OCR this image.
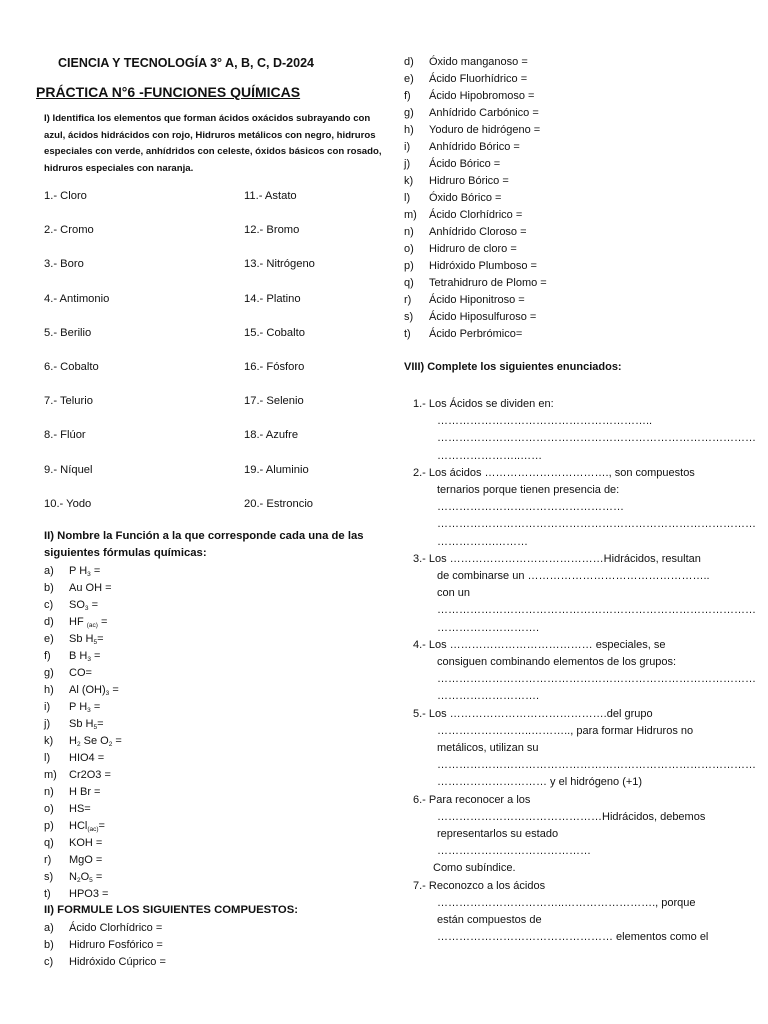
CIENCIA Y TECNOLOGÍA 3° A, B, C, D-2024
PRÁCTICA N°6 -FUNCIONES QUÍMICAS
I) Identifica los elementos que forman ácidos oxácidos subrayando con azul, ácidos hidrácidos con rojo, Hidruros metálicos con negro, hidruros especiales con verde, anhídridos con celeste, óxidos básicos con rosado, hidruros especiales con naranja.
1.- Cloro
2.- Cromo
3.- Boro
4.- Antimonio
5.- Berilio
6.- Cobalto
7.- Telurio
8.- Flúor
9.- Níquel
10.- Yodo
11.- Astato
12.- Bromo
13.- Nitrógeno
14.- Platino
15.- Cobalto
16.- Fósforo
17.- Selenio
18.- Azufre
19.- Aluminio
20.- Estroncio
II) Nombre la Función a la que corresponde cada una de las siguientes fórmulas químicas:
a) P $H_3$ =
b) Au OH =
c) $SO_3$ =
d) HF $_{(ac)}$ =
e) Sb $H_5=$
f) B $H_3$ =
g) CO=
h) Al $(OH)_3$ =
i) P $H_3$ =
j) Sb $H_5=$
k) $H_2$ Se $O_2$ =
l) HIO4 =
m) Cr2O3 =
n) H Br =
o) HS=
p) HCl$_{(ac)}$=
q) KOH =
r) MgO =
s) $N_2O_5$ =
t) HPO3 =
II) FORMULE LOS SIGUIENTES COMPUESTOS:
a) Ácido Clorhídrico =
b) Hidruro Fosfórico =
c) Hidróxido Cúprico =
d) Óxido manganoso =
e) Ácido Fluorhídrico =
f) Ácido Hipobromoso =
g) Anhídrido Carbónico =
h) Yoduro de hidrógeno =
i) Anhídrido Bórico =
j) Ácido Bórico =
k) Hidruro Bórico =
l) Óxido Bórico =
m) Ácido Clorhídrico =
n) Anhídrido Cloroso =
o) Hidruro de cloro =
p) Hidróxido Plumboso =
q) Tetrahidruro de Plomo =
r) Ácido Hiponitroso =
s) Ácido Hiposulfuroso =
t) Ácido Perbrómico=
VIII) Complete los siguientes enunciados:
1.- Los Ácidos se dividen en:
…………………………………………………..
……………………………………………………………………………
…………………..……
2.- Los ácidos ……………………………., son compuestos
ternarios porque tienen presencia de:
……………………………………………
……………………………………………………………………………
…………….………
3.- Los ……………………………………Hidrácidos, resultan
de combinarse un …………………………………………..
con un
……………………………………………………………………………
……………………….
4.- Los ………………………………… especiales, se
consiguen combinando elementos de los grupos:
……………………………………………………………………………
……………………….
5.- Los …………………………………….del grupo
……………………..……….., para formar Hidruros no
metálicos, utilizan su
……………………………………………………………………………
………………………… y el hidrógeno (+1)
6.- Para reconocer a los
………………………………………Hidrácidos, debemos
representarlos su estado
……………………………………
Como subíndice.
7.- Reconozco a los ácidos
……………………………..……………………., porque
están compuestos de
………………………………………… elementos como el
